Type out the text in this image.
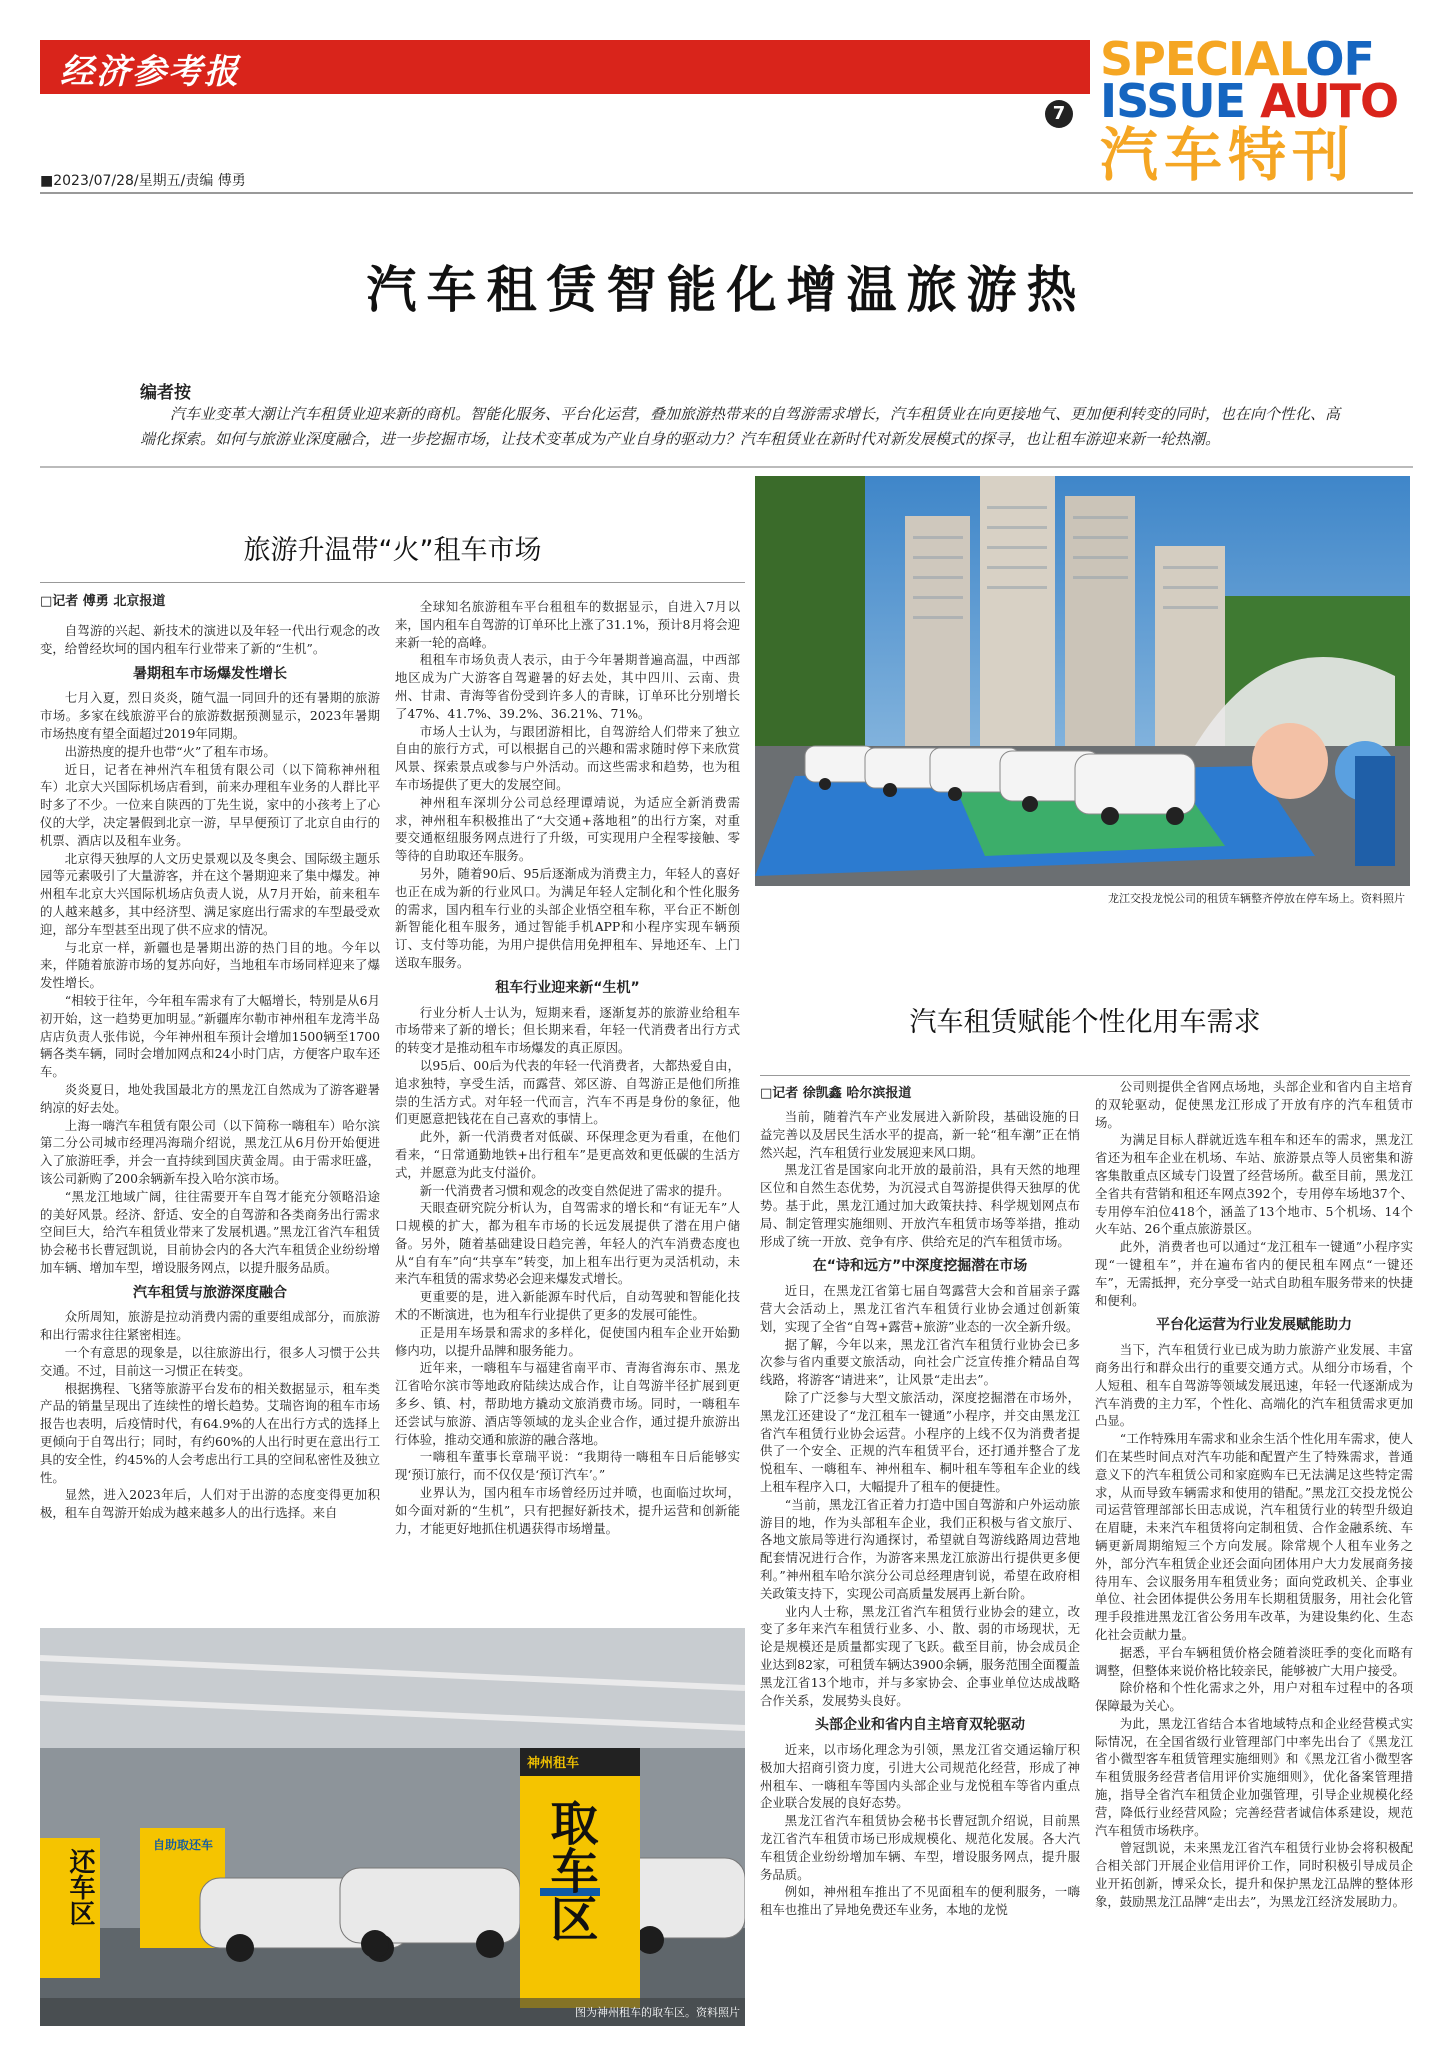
经济参考报
7
■2023/07/28/星期五/责编 傅勇
SPECIALOF
ISSUE AUTO
汽车特刊
汽车租赁智能化增温旅游热
编者按
汽车业变革大潮让汽车租赁业迎来新的商机。智能化服务、平台化运营，叠加旅游热带来的自驾游需求增长，汽车租赁业在向更接地气、更加便利转变的同时，也在向个性化、高端化探索。如何与旅游业深度融合，进一步挖掘市场，让技术变革成为产业自身的驱动力？汽车租赁业在新时代对新发展模式的探寻，也让租车游迎来新一轮热潮。
旅游升温带“火”租车市场
□记者 傅勇 北京报道

自驾游的兴起、新技术的演进以及年轻一代出行观念的改变，给曾经坎坷的国内租车行业带来了新的“生机”。

暑期租车市场爆发性增长

七月入夏，烈日炎炎，随气温一同回升的还有暑期的旅游市场。多家在线旅游平台的旅游数据预测显示，2023年暑期市场热度有望全面超过2019年同期。

出游热度的提升也带“火”了租车市场。

近日，记者在神州汽车租赁有限公司（以下简称神州租车）北京大兴国际机场店看到，前来办理租车业务的人群比平时多了不少。一位来自陕西的丁先生说，家中的小孩考上了心仪的大学，决定暑假到北京一游，早早便预订了北京自由行的机票、酒店以及租车业务。

北京得天独厚的人文历史景观以及冬奥会、国际级主题乐园等元素吸引了大量游客，并在这个暑期迎来了集中爆发。神州租车北京大兴国际机场店负责人说，从7月开始，前来租车的人越来越多，其中经济型、满足家庭出行需求的车型最受欢迎，部分车型甚至出现了供不应求的情况。

与北京一样，新疆也是暑期出游的热门目的地。今年以来，伴随着旅游市场的复苏向好，当地租车市场同样迎来了爆发性增长。

“相较于往年，今年租车需求有了大幅增长，特别是从6月初开始，这一趋势更加明显。”新疆库尔勒市神州租车龙湾半岛店店负责人张伟说，今年神州租车预计会增加1500辆至1700辆各类车辆，同时会增加网点和24小时门店，方便客户取车还车。

炎炎夏日，地处我国最北方的黑龙江自然成为了游客避暑纳凉的好去处。

上海一嗨汽车租赁有限公司（以下简称一嗨租车）哈尔滨第二分公司城市经理冯海瑞介绍说，黑龙江从6月份开始便进入了旅游旺季，并会一直持续到国庆黄金周。由于需求旺盛，该公司新购了200余辆新车投入哈尔滨市场。

“黑龙江地域广阔，往往需要开车自驾才能充分领略沿途的美好风景。经济、舒适、安全的自驾游和各类商务出行需求空间巨大，给汽车租赁业带来了发展机遇。”黑龙江省汽车租赁协会秘书长曹冠凯说，目前协会内的各大汽车租赁企业纷纷增加车辆、增加车型，增设服务网点，以提升服务品质。

汽车租赁与旅游深度融合

众所周知，旅游是拉动消费内需的重要组成部分，而旅游和出行需求往往紧密相连。

一个有意思的现象是，以往旅游出行，很多人习惯于公共交通。不过，目前这一习惯正在转变。

根据携程、飞猪等旅游平台发布的相关数据显示，租车类产品的销量呈现出了连续性的增长趋势。艾瑞咨询的租车市场报告也表明，后疫情时代，有64.9%的人在出行方式的选择上更倾向于自驾出行；同时，有约60%的人出行时更在意出行工具的安全性，约45%的人会考虑出行工具的空间私密性及独立性。

显然，进入2023年后，人们对于出游的态度变得更加积极，租车自驾游开始成为越来越多人的出行选择。来自

全球知名旅游租车平台租租车的数据显示，自进入7月以来，国内租车自驾游的订单环比上涨了31.1%，预计8月将会迎来新一轮的高峰。

租租车市场负责人表示，由于今年暑期普遍高温，中西部地区成为广大游客自驾避暑的好去处，其中四川、云南、贵州、甘肃、青海等省份受到许多人的青睐，订单环比分别增长了47%、41.7%、39.2%、36.21%、71%。

市场人士认为，与跟团游相比，自驾游给人们带来了独立自由的旅行方式，可以根据自己的兴趣和需求随时停下来欣赏风景、探索景点或参与户外活动。而这些需求和趋势，也为租车市场提供了更大的发展空间。

神州租车深圳分公司总经理谭靖说，为适应全新消费需求，神州租车积极推出了“大交通+落地租”的出行方案，对重要交通枢纽服务网点进行了升级，可实现用户全程零接触、零等待的自助取还车服务。

另外，随着90后、95后逐渐成为消费主力，年轻人的喜好也正在成为新的行业风口。为满足年轻人定制化和个性化服务的需求，国内租车行业的头部企业悟空租车称，平台正不断创新智能化租车服务，通过智能手机APP和小程序实现车辆预订、支付等功能，为用户提供信用免押租车、异地还车、上门送取车服务。

租车行业迎来新“生机”

行业分析人士认为，短期来看，逐渐复苏的旅游业给租车市场带来了新的增长；但长期来看，年轻一代消费者出行方式的转变才是推动租车市场爆发的真正原因。

以95后、00后为代表的年轻一代消费者，大都热爱自由，追求独特，享受生活，而露营、郊区游、自驾游正是他们所推崇的生活方式。对年轻一代而言，汽车不再是身份的象征，他们更愿意把钱花在自己喜欢的事情上。

此外，新一代消费者对低碳、环保理念更为看重，在他们看来，“日常通勤地铁+出行租车”是更高效和更低碳的生活方式，并愿意为此支付溢价。

新一代消费者习惯和观念的改变自然促进了需求的提升。

天眼查研究院分析认为，自驾需求的增长和“有证无车”人口规模的扩大，都为租车市场的长远发展提供了潜在用户储备。另外，随着基础建设日趋完善，年轻人的汽车消费态度也从“自有车”向“共享车”转变，加上租车出行更为灵活机动，未来汽车租赁的需求势必会迎来爆发式增长。

更重要的是，进入新能源车时代后，自动驾驶和智能化技术的不断演进，也为租车行业提供了更多的发展可能性。

正是用车场景和需求的多样化，促使国内租车企业开始勤修内功，以提升品牌和服务能力。

近年来，一嗨租车与福建省南平市、青海省海东市、黑龙江省哈尔滨市等地政府陆续达成合作，让自驾游半径扩展到更多乡、镇、村，帮助地方撬动文旅消费市场。同时，一嗨租车还尝试与旅游、酒店等领域的龙头企业合作，通过提升旅游出行体验，推动交通和旅游的融合落地。

一嗨租车董事长章瑞平说：“我期待一嗨租车日后能够实现‘预订旅行，而不仅仅是‘预订汽车’。”

业界认为，国内租车市场曾经历过并喷，也面临过坎坷，如今面对新的“生机”，只有把握好新技术，提升运营和创新能力，才能更好地抓住机遇获得市场增量。

龙江交投龙悦公司的租赁车辆整齐停放在停车场上。资料照片
汽车租赁赋能个性化用车需求
□记者 徐凯鑫 哈尔滨报道

当前，随着汽车产业发展进入新阶段，基础设施的日益完善以及居民生活水平的提高，新一轮“租车潮”正在悄然兴起，汽车租赁行业发展迎来风口期。

黑龙江省是国家向北开放的最前沿，具有天然的地理区位和自然生态优势，为沉浸式自驾游提供得天独厚的优势。基于此，黑龙江通过加大政策扶持、科学规划网点布局、制定管理实施细则、开放汽车租赁市场等举措，推动形成了统一开放、竞争有序、供给充足的汽车租赁市场。

在“诗和远方”中深度挖掘潜在市场

近日，在黑龙江省第七届自驾露营大会和首届亲子露营大会活动上，黑龙江省汽车租赁行业协会通过创新策划，实现了全省“自驾+露营+旅游”业态的一次全新升级。

据了解，今年以来，黑龙江省汽车租赁行业协会已多次参与省内重要文旅活动，向社会广泛宣传推介精品自驾线路，将游客“请进来”，让风景“走出去”。

除了广泛参与大型文旅活动，深度挖掘潜在市场外，黑龙江还建设了“龙江租车一键通”小程序，并交由黑龙江省汽车租赁行业协会运营。小程序的上线不仅为消费者提供了一个安全、正规的汽车租赁平台，还打通并整合了龙悦租车、一嗨租车、神州租车、桐叶租车等租车企业的线上租车程序入口，大幅提升了租车的便捷性。

“当前，黑龙江省正着力打造中国自驾游和户外运动旅游目的地，作为头部租车企业，我们正积极与省文旅厅、各地文旅局等进行沟通探讨，希望就自驾游线路周边营地配套情况进行合作，为游客来黑龙江旅游出行提供更多便利。”神州租车哈尔滨分公司总经理唐钊说，希望在政府相关政策支持下，实现公司高质量发展再上新台阶。

业内人士称，黑龙江省汽车租赁行业协会的建立，改变了多年来汽车租赁行业多、小、散、弱的市场现状，无论是规模还是质量都实现了飞跃。截至目前，协会成员企业达到82家，可租赁车辆达3900余辆，服务范围全面覆盖黑龙江省13个地市，并与多家协会、企事业单位达成战略合作关系，发展势头良好。

头部企业和省内自主培育双轮驱动

近来，以市场化理念为引领，黑龙江省交通运输厅积极加大招商引资力度，引进大公司规范化经营，形成了神州租车、一嗨租车等国内头部企业与龙悦租车等省内重点企业联合发展的良好态势。

黑龙江省汽车租赁协会秘书长曹冠凯介绍说，目前黑龙江省汽车租赁市场已形成规模化、规范化发展。各大汽车租赁企业纷纷增加车辆、车型，增设服务网点，提升服务品质。

例如，神州租车推出了不见面租车的便利服务，一嗨租车也推出了异地免费还车业务，本地的龙悦

公司则提供全省网点场地，头部企业和省内自主培育的双轮驱动，促使黑龙江形成了开放有序的汽车租赁市场。

为满足目标人群就近选车租车和还车的需求，黑龙江省还为租车企业在机场、车站、旅游景点等人员密集和游客集散重点区域专门设置了经营场所。截至目前，黑龙江全省共有营销和租还车网点392个，专用停车场地37个、专用停车泊位418个，涵盖了13个地市、5个机场、14个火车站、26个重点旅游景区。

此外，消费者也可以通过“龙江租车一键通”小程序实现“一键租车”，并在遍布省内的便民租车网点“一键还车”，无需抵押，充分享受一站式自助租车服务带来的快捷和便利。

平台化运营为行业发展赋能助力

当下，汽车租赁行业已成为助力旅游产业发展、丰富商务出行和群众出行的重要交通方式。从细分市场看，个人短租、租车自驾游等领域发展迅速，年轻一代逐渐成为汽车消费的主力军，个性化、高端化的汽车租赁需求更加凸显。

“工作特殊用车需求和业余生活个性化用车需求，使人们在某些时间点对汽车功能和配置产生了特殊需求，普通意义下的汽车租赁公司和家庭购车已无法满足这些特定需求，从而导致车辆需求和使用的错配。”黑龙江交投龙悦公司运营管理部部长田志成说，汽车租赁行业的转型升级迫在眉睫，未来汽车租赁将向定制租赁、合作金融系统、车辆更新周期缩短三个方向发展。除常规个人租车业务之外，部分汽车租赁企业还会面向团体用户大力发展商务接待用车、会议服务用车租赁业务；面向党政机关、企事业单位、社会团体提供公务用车长期租赁服务，用社会化管理手段推进黑龙江省公务用车改革，为建设集约化、生态化社会贡献力量。

据悉，平台车辆租赁价格会随着淡旺季的变化而略有调整，但整体来说价格比较亲民，能够被广大用户接受。

除价格和个性化需求之外，用户对租车过程中的各项保障最为关心。

为此，黑龙江省结合本省地域特点和企业经营模式实际情况，在全国省级行业管理部门中率先出台了《黑龙江省小微型客车租赁管理实施细则》和《黑龙江省小微型客车租赁服务经营者信用评价实施细则》，优化备案管理措施，指导全省汽车租赁企业加强管理，引导企业规模化经营，降低行业经营风险；完善经营者诚信体系建设，规范汽车租赁市场秩序。

曾冠凯说，未来黑龙江省汽车租赁行业协会将积极配合相关部门开展企业信用评价工作，同时积极引导成员企业开拓创新，博采众长，提升和保护黑龙江品牌的整体形象，鼓励黑龙江品牌“走出去”，为黑龙江经济发展助力。

神州租车
取车区
还车区
自助取还车
图为神州租车的取车区。资料照片
